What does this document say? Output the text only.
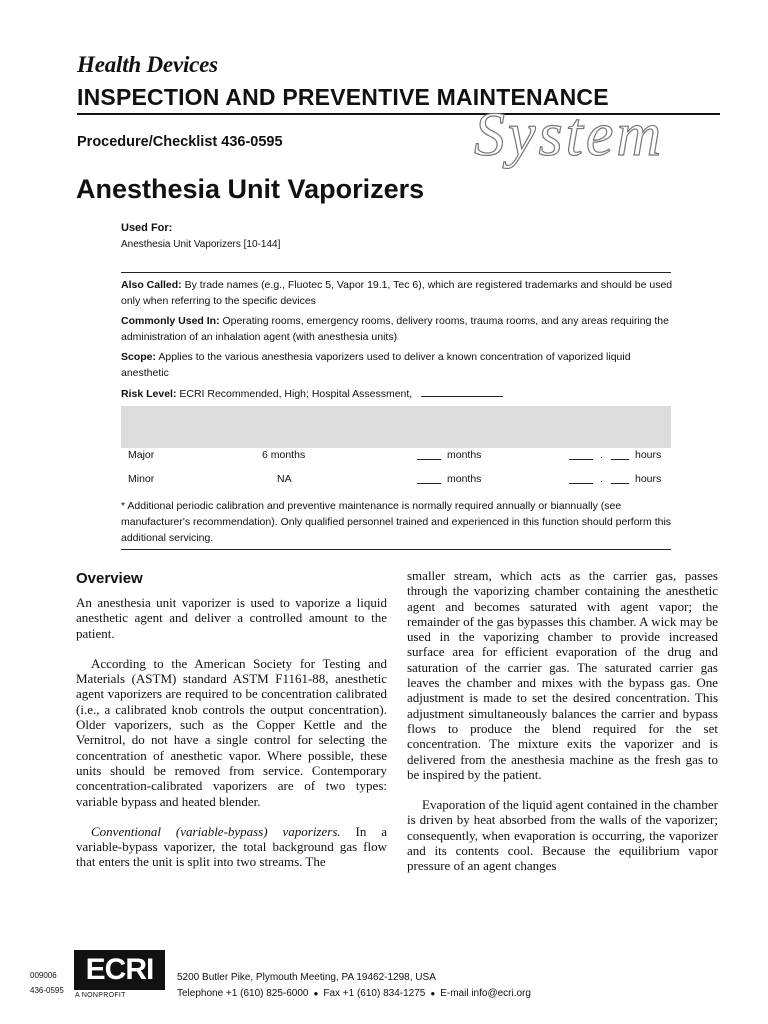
Health Devices
INSPECTION AND PREVENTIVE MAINTENANCE
System
Procedure/Checklist 436-0595
Anesthesia Unit Vaporizers
Used For:
Anesthesia Unit Vaporizers [10-144]

Also Called: By trade names (e.g., Fluotec 5, Vapor 19.1, Tec 6), which are registered trademarks and should be used only when referring to the specific devices

Commonly Used In: Operating rooms, emergency rooms, delivery rooms, trauma rooms, and any areas requiring the administration of an inhalation agent (with anesthesia units)

Scope: Applies to the various anesthesia vaporizers used to deliver a known concentration of vaporized liquid anesthetic

Risk Level: ECRI Recommended, High; Hospital Assessment,

Major	6 months	months	.	hours
Minor	NA	months	.	hours
* Additional periodic calibration and preventive maintenance is normally required annually or biannually (see manufacturer's recommendation). Only qualified personnel trained and experienced in this function should perform this additional servicing.
Overview

An anesthesia unit vaporizer is used to vaporize a liquid anesthetic agent and deliver a controlled amount to the patient.

According to the American Society for Testing and Materials (ASTM) standard ASTM F1161-88, anesthetic agent vaporizers are required to be concentration calibrated (i.e., a calibrated knob controls the output concentration). Older vaporizers, such as the Copper Kettle and the Vernitrol, do not have a single control for selecting the concentration of anesthetic vapor. Where possible, these units should be removed from service. Contemporary concentration-calibrated vaporizers are of two types: variable bypass and heated blender.

Conventional (variable-bypass) vaporizers. In a variable-bypass vaporizer, the total background gas flow that enters the unit is split into two streams. The

smaller stream, which acts as the carrier gas, passes through the vaporizing chamber containing the anesthetic agent and becomes saturated with agent vapor; the remainder of the gas bypasses this chamber. A wick may be used in the vaporizing chamber to provide increased surface area for efficient evaporation of the drug and saturation of the carrier gas. The saturated carrier gas leaves the chamber and mixes with the bypass gas. One adjustment is made to set the desired concentration. This adjustment simultaneously balances the carrier and bypass flows to produce the blend required for the set concentration. The mixture exits the vaporizer and is delivered from the anesthesia machine as the fresh gas to be inspired by the patient.

Evaporation of the liquid agent contained in the chamber is driven by heat absorbed from the walls of the vaporizer; consequently, when evaporation is occurring, the vaporizer and its contents cool. Because the equilibrium vapor pressure of an agent changes

009006
436-0595
ECRI
A NONPROFIT
5200 Butler Pike, Plymouth Meeting, PA 19462-1298, USA
Telephone +1 (610) 825-6000 ● Fax +1 (610) 834-1275 ● E-mail info@ecri.org
